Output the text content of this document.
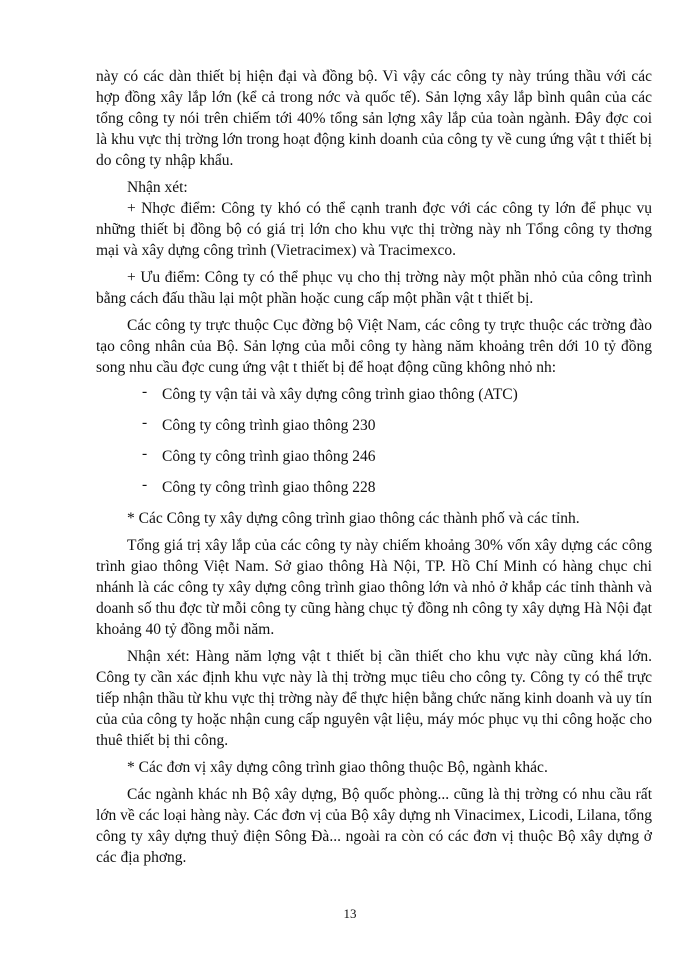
này có các dàn thiết bị hiện đại và đồng bộ. Vì vậy các công ty này trúng thầu với các hợp đồng xây lắp lớn (kể cả trong nớc và quốc tế). Sản lợng xây lắp bình quân của các tổng công ty nói trên chiếm tới 40% tổng sản lợng xây lắp của toàn ngành. Đây đợc coi là khu vực thị trờng lớn trong hoạt động kinh doanh của công ty về cung ứng vật t thiết bị do công ty nhập khẩu.

Nhận xét:

+ Nhợc điểm: Công ty khó có thể cạnh tranh đợc với các công ty lớn để phục vụ những thiết bị đồng bộ có giá trị lớn cho khu vực thị trờng này nh Tổng công ty thơng mại và xây dựng công trình (Vietracimex) và Tracimexco.

+ Ưu điểm: Công ty có thể phục vụ cho thị trờng này một phần nhỏ của công trình bằng cách đấu thầu lại một phần hoặc cung cấp một phần vật t thiết bị.

Các công ty trực thuộc Cục đờng bộ Việt Nam, các công ty trực thuộc các trờng đào tạo công nhân của Bộ. Sản lợng của mỗi công ty hàng năm khoảng trên dới 10 tỷ đồng song nhu cầu đợc cung ứng vật t thiết bị để hoạt động cũng không nhỏ nh:

- Công ty vận tải và xây dựng công trình giao thông (ATC)
- Công ty công trình giao thông 230
- Công ty công trình giao thông 246
- Công ty công trình giao thông 228

* Các Công ty xây dựng công trình giao thông các thành phố và các tỉnh.

Tổng giá trị xây lắp của các công ty này chiếm khoảng 30% vốn xây dựng các công trình giao thông Việt Nam. Sở giao thông Hà Nội, TP. Hồ Chí Minh có hàng chục chi nhánh là các công ty xây dựng công trình giao thông lớn và nhỏ ở khắp các tỉnh thành và doanh số thu đợc từ mỗi công ty cũng hàng chục tỷ đồng nh công ty xây dựng Hà Nội đạt khoảng 40 tỷ đồng mỗi năm.

Nhận xét: Hàng năm lợng vật t thiết bị cần thiết cho khu vực này cũng khá lớn. Công ty cần xác định khu vực này là thị trờng mục tiêu cho công ty. Công ty có thể trực tiếp nhận thầu từ khu vực thị trờng này để thực hiện bằng chức năng kinh doanh và uy tín của của công ty hoặc nhận cung cấp nguyên vật liệu, máy móc phục vụ thi công hoặc cho thuê thiết bị thi công.

* Các đơn vị xây dựng công trình giao thông thuộc Bộ, ngành khác.

Các ngành khác nh Bộ xây dựng, Bộ quốc phòng... cũng là thị trờng có nhu cầu rất lớn về các loại hàng này. Các đơn vị của Bộ xây dựng nh Vinacimex, Licodi, Lilana, tổng công ty xây dựng thuỷ điện Sông Đà... ngoài ra còn có các đơn vị thuộc Bộ xây dựng ở các địa phơng.

13
